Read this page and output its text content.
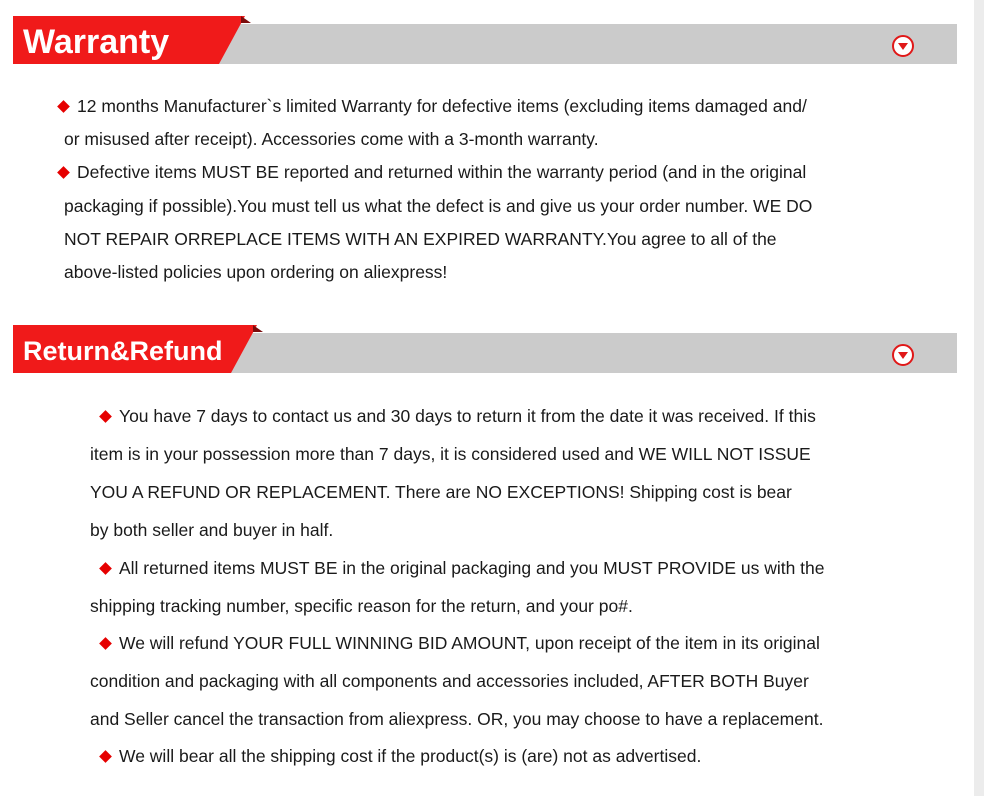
Warranty
12 months Manufacturer`s limited Warranty for defective items (excluding items damaged and/
or misused after receipt). Accessories come with a 3-month warranty.
Defective items MUST BE reported and returned within the warranty period (and in the original
packaging if possible).You must tell us what the defect is and give us your order number. WE DO
NOT REPAIR ORREPLACE ITEMS WITH AN EXPIRED WARRANTY.You agree to all of the
above-listed policies upon ordering on aliexpress!
Return&Refund
You have 7 days to contact us and 30 days to return it from the date it was received. If this
item is in your possession more than 7 days, it is considered used and WE WILL NOT ISSUE
YOU A REFUND OR REPLACEMENT. There are NO EXCEPTIONS! Shipping cost is bear
by both seller and buyer in half.
All returned items MUST BE in the original packaging and you MUST PROVIDE us with the
shipping tracking number, specific reason for the return, and your po#.
We will refund YOUR FULL WINNING BID AMOUNT, upon receipt of the item in its original
condition and packaging with all components and accessories included, AFTER BOTH Buyer
and Seller cancel the transaction from aliexpress. OR, you may choose to have a replacement.
We will bear all the shipping cost if the product(s) is (are) not as advertised.
